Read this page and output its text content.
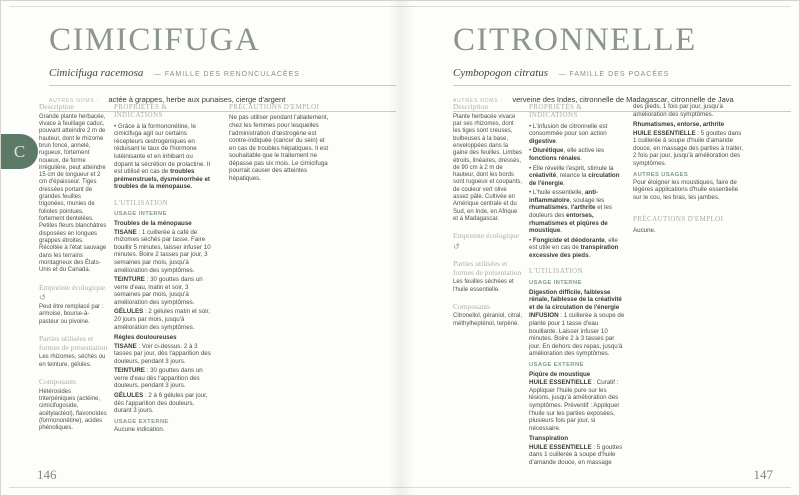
C
CIMICIFUGA
Cimicifuga racemosa — FAMILLE DES RENONCULACÉES
AUTRES NOMS : actée à grappes, herbe aux punaises, cierge d'argent
Description

Grande plante herbacée, vivace à feuillage caduc, pouvant atteindre 2 m de hauteur, dont le rhizome brun foncé, annelé, rugueux, fortement noueux, de forme irrégulière, peut atteindre 15 cm de longueur et 2 cm d'épaisseur. Tiges dressées portant de grandes feuilles trigonées, munies de folioles pointues, fortement dentelées. Petites fleurs blanchâtres disposées en longues grappes étroites. Récoltée à l'état sauvage dans les terrains montagneux des États-Unis et du Canada.

Empreinte écologique
↺

Peut être remplacé par : armoise, bourse-à-pasteur ou pivoine.

Parties utilisées et formes de présentation

Les rhizomes, séchés ou en teinture, gélules.

Composants

Hétérosides triterpéniques (actéine, cimicifugoside, acétylactéol), flavonoïdes (formononétine), acides phénoliques.

PROPRIÉTÉS & INDICATIONS

• Grâce à la formononétine, le cimicifuga agit sur certains récepteurs œstrogéniques en réduisant le taux de l'hormone lutéinisante et en inhibant ou dopant la sécrétion de prolactine. Il est utilisé en cas de troubles prémenstruels, dysménorrhée et troubles de la ménopause.

L'UTILISATION
USAGE INTERNE

Troubles de la ménopause

TISANE : 1 cuillerée à café de rhizomes séchés par tasse. Faire bouillir 5 minutes, laisser infuser 10 minutes. Boire 2 tasses par jour, 3 semaines par mois, jusqu'à amélioration des symptômes.

TEINTURE : 30 gouttes dans un verre d'eau, matin et soir, 3 semaines par mois, jusqu'à amélioration des symptômes.

GÉLULES : 2 gélules matin et soir, 20 jours par mois, jusqu'à amélioration des symptômes.

Règles douloureuses

TISANE : Voir ci-dessus. 2 à 3 tasses par jour, dès l'apparition des douleurs, pendant 3 jours.

TEINTURE : 30 gouttes dans un verre d'eau dès l'apparition des douleurs, pendant 3 jours.

GÉLULES : 2 à 6 gélules par jour, dès l'apparition des douleurs, durant 3 jours.

USAGE EXTERNE

Aucune indication.

PRÉCAUTIONS D'EMPLOI

Ne pas utiliser pendant l'allaitement, chez les femmes pour lesquelles l'administration d'œstrogène est contre-indiquée (cancer du sein) et en cas de troubles hépatiques. Il est souhaitable que le traitement ne dépasse pas six mois. Le cimicifuga pourrait causer des atteintes hépatiques.

146
CITRONNELLE
Cymbopogon citratus — FAMILLE DES POACÉES
AUTRES NOMS : verveine des Indes, citronnelle de Madagascar, citronnelle de Java
Description

Plante herbacée vivace par ses rhizomes, dont les tiges sont creuses, bulbeuses à la base, enveloppées dans la gaine des feuilles. Limbes étroits, linéaires, dressés, de 90 cm à 2 m de hauteur, dont les bords sont rugueux et coupants, de couleur vert olive assez pâle. Cultivée en Amérique centrale et du Sud, en Inde, en Afrique et à Madagascar.

Empreinte écologique
↺
Parties utilisées et formes de présentation

Les feuilles séchées et l'huile essentielle.

Composants

Citronellol, géraniol, citral, méthylhepténol, terpène.

PROPRIÉTÉS & INDICATIONS

• L'infusion de citronnelle est consommée pour son action digestive.

• Diurétique, elle active les fonctions rénales.

• Elle réveille l'esprit, stimule la créativité, relance la circulation de l'énergie.

• L'huile essentielle, anti-inflammatoire, soulage les rhumatismes, l'arthrite et les douleurs des entorses, rhumatismes et piqûres de moustique.

• Fongicide et déodorante, elle est utile en cas de transpiration excessive des pieds.

L'UTILISATION
USAGE INTERNE

Digestion difficile, faiblesse rénale, faiblesse de la créativité et de la circulation de l'énergie

INFUSION : 1 cuillerée à soupe de plante pour 1 tasse d'eau bouillante. Laisser infuser 10 minutes. Boire 2 à 3 tasses par jour. En dehors des repas, jusqu'à amélioration des symptômes.

USAGE EXTERNE

Piqûre de moustique

HUILE ESSENTIELLE : Curatif : Appliquer l'huile pure sur les lésions, jusqu'à amélioration des symptômes. Préventif : Appliquer l'huile sur les parties exposées, plusieurs fois par jour, si nécessaire.

Transpiration

HUILE ESSENTIELLE : 5 gouttes dans 1 cuillerée à soupe d'huile d'amande douce, en massage

des pieds, 1 fois par jour, jusqu'à amélioration des symptômes.

Rhumatismes, entorse, arthrite

HUILE ESSENTIELLE : 5 gouttes dans 1 cuillerée à soupe d'huile d'amande douce, en massage des parties à traiter, 2 fois par jour, jusqu'à amélioration des symptômes.

AUTRES USAGES

Pour éloigner les moustiques, faire de légères applications d'huile essentielle sur le cou, les bras, les jambes.

PRÉCAUTIONS D'EMPLOI

Aucune.

147
